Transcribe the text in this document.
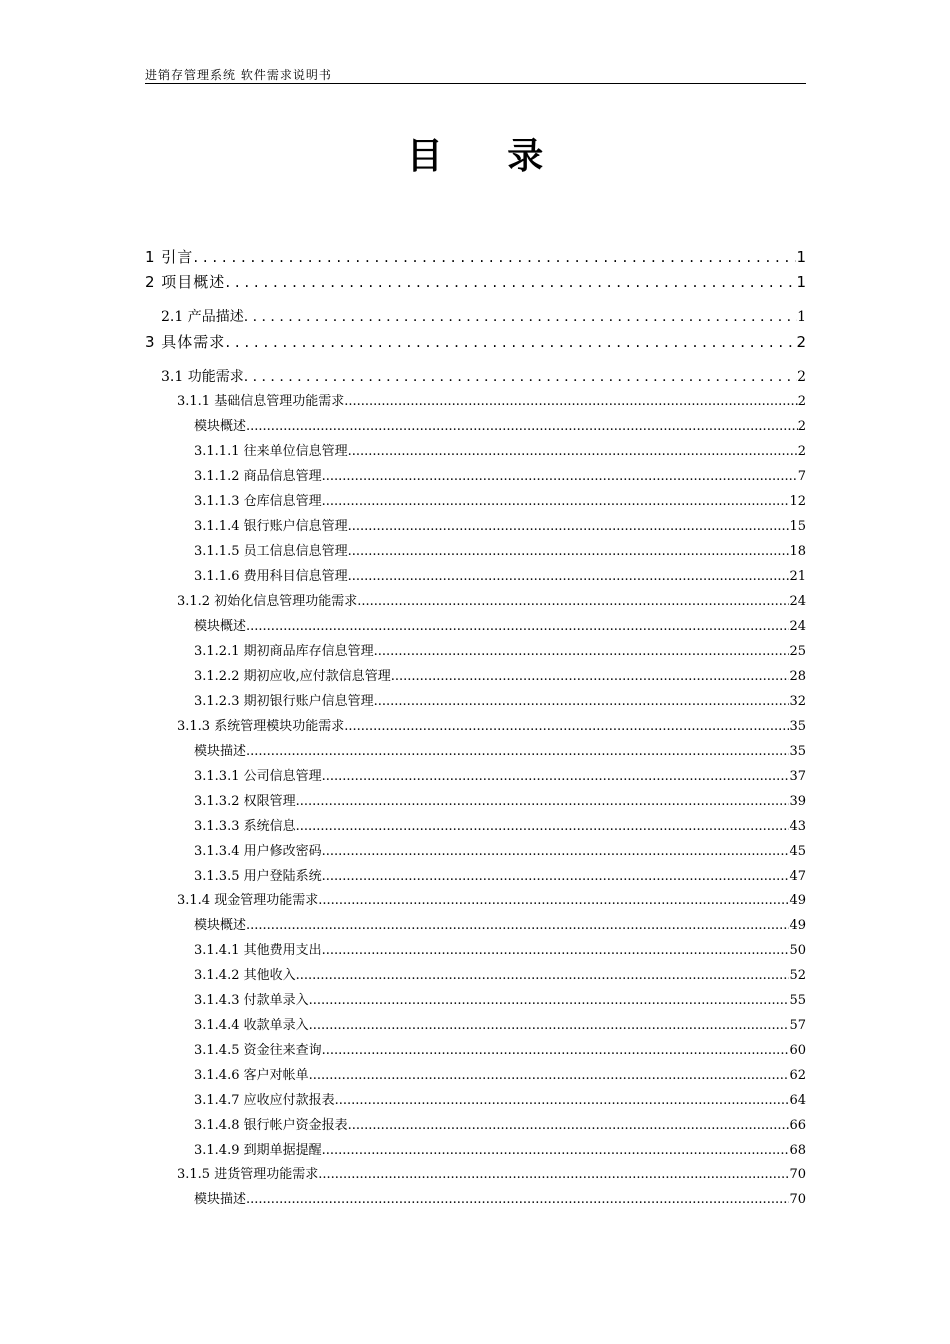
进销存管理系统 软件需求说明书
目 录
1 引言 . . .	1
2 项目概述 . . .	1
2.1 产品描述 . . .	1
3 具体需求 . . .	2
3.1 功能需求 . . .	2
3.1.1 基础信息管理功能需求 .....	2
模块概述 .....	2
3.1.1.1 往来单位信息管理 .....	2
3.1.1.2 商品信息管理 .....	7
3.1.1.3 仓库信息管理 .....	12
3.1.1.4 银行账户信息管理 .....	15
3.1.1.5 员工信息信息管理 .....	18
3.1.1.6 费用科目信息管理 .....	21
3.1.2 初始化信息管理功能需求 .....	24
模块概述 .....	24
3.1.2.1 期初商品库存信息管理 .....	25
3.1.2.2 期初应收,应付款信息管理 .....	28
3.1.2.3 期初银行账户信息管理 .....	32
3.1.3 系统管理模块功能需求 .....	35
模块描述 .....	35
3.1.3.1 公司信息管理 .....	37
3.1.3.2 权限管理 .....	39
3.1.3.3 系统信息 .....	43
3.1.3.4 用户修改密码 .....	45
3.1.3.5 用户登陆系统 .....	47
3.1.4 现金管理功能需求 .....	49
模块概述 .....	49
3.1.4.1 其他费用支出 .....	50
3.1.4.2 其他收入 .....	52
3.1.4.3 付款单录入 .....	55
3.1.4.4 收款单录入 .....	57
3.1.4.5 资金往来查询 .....	60
3.1.4.6 客户对帐单 .....	62
3.1.4.7 应收应付款报表 .....	64
3.1.4.8 银行帐户资金报表 .....	66
3.1.4.9 到期单据提醒 .....	68
3.1.5 进货管理功能需求 .....	70
模块描述 .....	70
